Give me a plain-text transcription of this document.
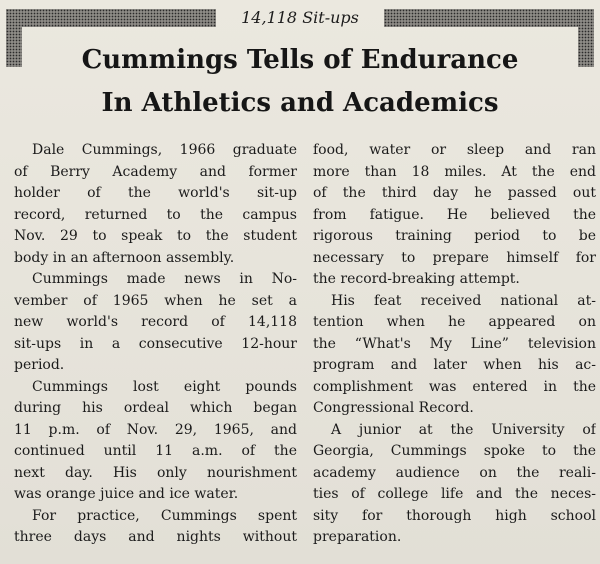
14,118 Sit-ups
Cummings Tells of Endurance
In Athletics and Academics
Dale Cummings, 1966 graduate
of Berry Academy and former
holder of the world's sit-up
record, returned to the campus
Nov. 29 to speak to the student
body in an afternoon assembly.
Cummings made news in No-
vember of 1965 when he set a
new world's record of 14,118
sit-ups in a consecutive 12-hour
period.
Cummings lost eight pounds
during his ordeal which began
11 p.m. of Nov. 29, 1965, and
continued until 11 a.m. of the
next day. His only nourishment
was orange juice and ice water.
For practice, Cummings spent
three days and nights without
food, water or sleep and ran
more than 18 miles. At the end
of the third day he passed out
from fatigue. He believed the
rigorous training period to be
necessary to prepare himself for
the record-breaking attempt.
His feat received national at-
tention when he appeared on
the “What's My Line” television
program and later when his ac-
complishment was entered in the
Congressional Record.
A junior at the University of
Georgia, Cummings spoke to the
academy audience on the reali-
ties of college life and the neces-
sity for thorough high school
preparation.
